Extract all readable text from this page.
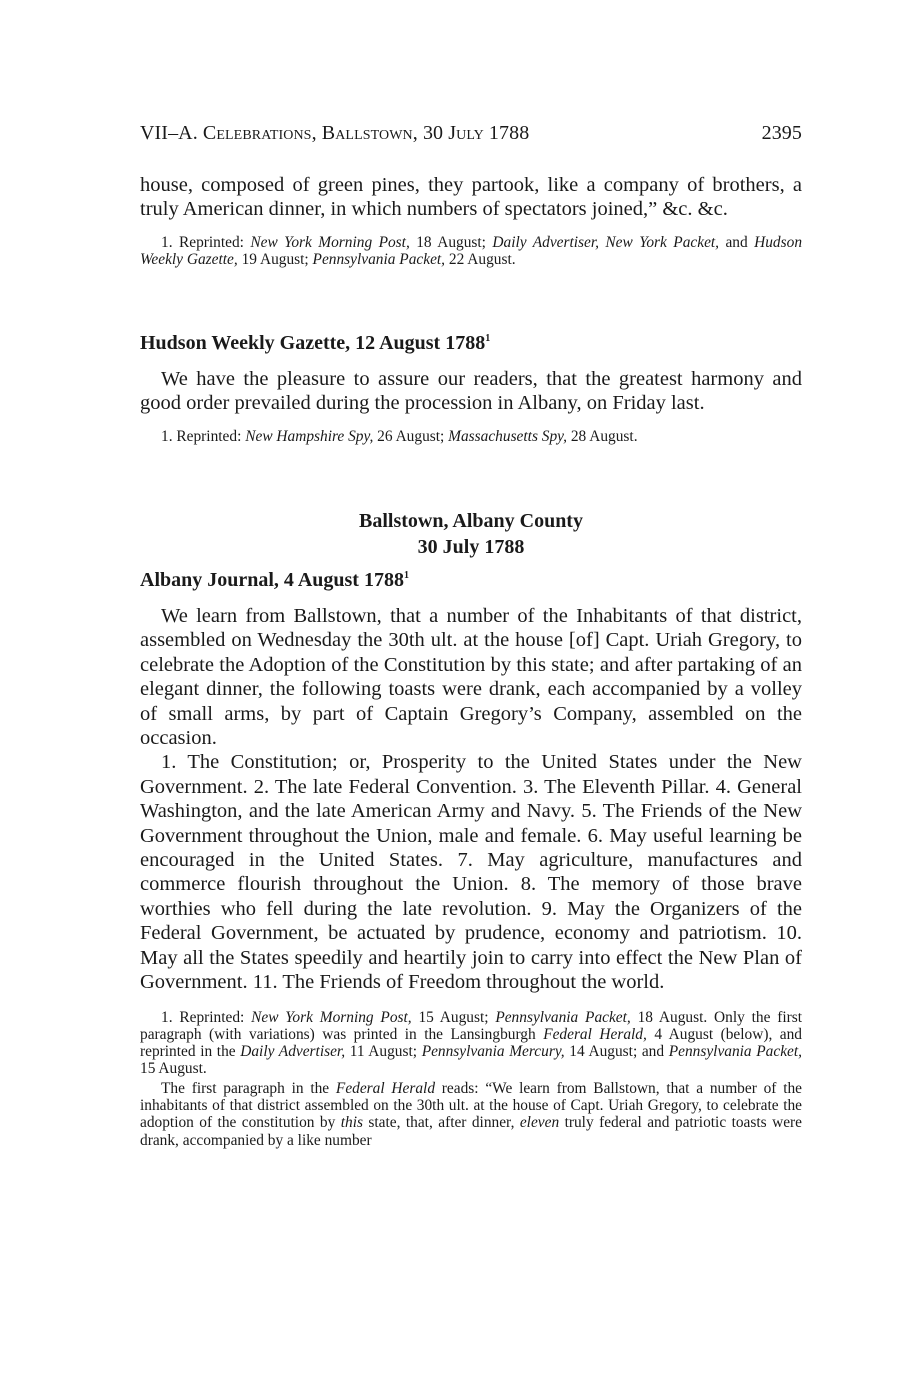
VII–A. Celebrations, Ballstown, 30 July 1788	2395

house, composed of green pines, they partook, like a company of brothers, a truly American dinner, in which numbers of spectators joined,” &c. &c.

1. Reprinted: New York Morning Post, 18 August; Daily Advertiser, New York Packet, and Hudson Weekly Gazette, 19 August; Pennsylvania Packet, 22 August.

Hudson Weekly Gazette, 12 August 1788$^1$

We have the pleasure to assure our readers, that the greatest harmony and good order prevailed during the procession in Albany, on Friday last.

1. Reprinted: New Hampshire Spy, 26 August; Massachusetts Spy, 28 August.

Ballstown, Albany County

30 July 1788

Albany Journal, 4 August 1788$^1$

We learn from Ballstown, that a number of the Inhabitants of that district, assembled on Wednesday the 30th ult. at the house [of] Capt. Uriah Gregory, to celebrate the Adoption of the Constitution by this state; and after partaking of an elegant dinner, the following toasts were drank, each accompanied by a volley of small arms, by part of Captain Gregory’s Company, assembled on the occasion.

1. The Constitution; or, Prosperity to the United States under the New Government. 2. The late Federal Convention. 3. The Eleventh Pillar. 4. General Washington, and the late American Army and Navy. 5. The Friends of the New Government throughout the Union, male and female. 6. May useful learning be encouraged in the United States. 7. May agriculture, manufactures and commerce flourish throughout the Union. 8. The memory of those brave worthies who fell during the late revolution. 9. May the Organizers of the Federal Government, be actuated by prudence, economy and patriotism. 10. May all the States speedily and heartily join to carry into effect the New Plan of Government. 11. The Friends of Freedom throughout the world.

1. Reprinted: New York Morning Post, 15 August; Pennsylvania Packet, 18 August. Only the first paragraph (with variations) was printed in the Lansingburgh Federal Herald, 4 August (below), and reprinted in the Daily Advertiser, 11 August; Pennsylvania Mercury, 14 August; and Pennsylvania Packet, 15 August.

The first paragraph in the Federal Herald reads: “We learn from Ballstown, that a number of the inhabitants of that district assembled on the 30th ult. at the house of Capt. Uriah Gregory, to celebrate the adoption of the constitution by this state, that, after dinner, eleven truly federal and patriotic toasts were drank, accompanied by a like number
